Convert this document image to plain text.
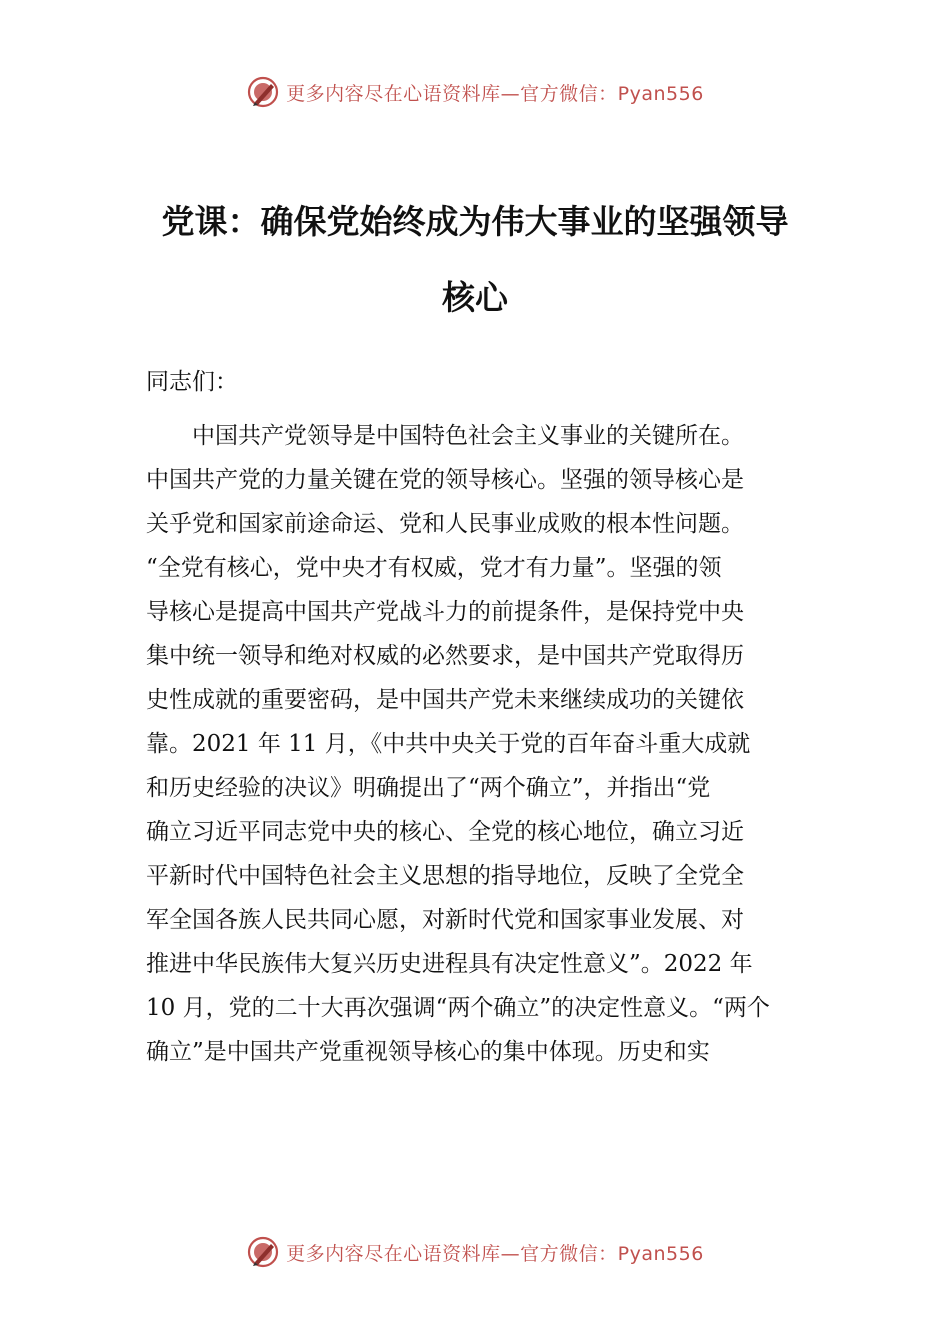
更多内容尽在心语资料库—官方微信：Pyan556
党课：确保党始终成为伟大事业的坚强领导
核心
同志们：
　　中国共产党领导是中国特色社会主义事业的关键所在。
中国共产党的力量关键在党的领导核心。坚强的领导核心是
关乎党和国家前途命运、党和人民事业成败的根本性问题。
“全党有核心，党中央才有权威，党才有力量”。坚强的领
导核心是提高中国共产党战斗力的前提条件，是保持党中央
集中统一领导和绝对权威的必然要求，是中国共产党取得历
史性成就的重要密码，是中国共产党未来继续成功的关键依
靠。2021 年 11 月，《中共中央关于党的百年奋斗重大成就
和历史经验的决议》明确提出了“两个确立”，并指出“党
确立习近平同志党中央的核心、全党的核心地位，确立习近
平新时代中国特色社会主义思想的指导地位，反映了全党全
军全国各族人民共同心愿，对新时代党和国家事业发展、对
推进中华民族伟大复兴历史进程具有决定性意义”。2022 年
10 月，党的二十大再次强调“两个确立”的决定性意义。“两个
确立”是中国共产党重视领导核心的集中体现。历史和实
更多内容尽在心语资料库—官方微信：Pyan556
